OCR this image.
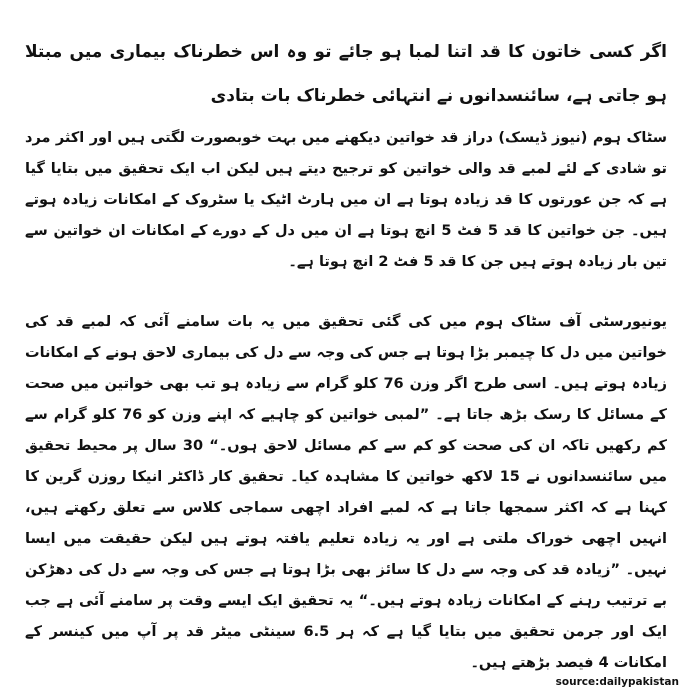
اگر کسی خاتون کا قد اتنا لمبا ہو جائے تو وہ اس خطرناک بیماری میں مبتلا ہو جاتی ہے، سائنسدانوں نے انتہائی خطرناک بات بتادی

سٹاک ہوم (نیوز ڈیسک) دراز قد خواتین دیکھنے میں بہت خوبصورت لگتی ہیں اور اکثر مرد تو شادی کے لئے لمبے قد والی خواتین کو ترجیح دیتے ہیں لیکن اب ایک تحقیق میں بتایا گیا ہے کہ جن عورتوں کا قد زیادہ ہوتا ہے ان میں ہارٹ اٹیک یا سٹروک کے امکانات زیادہ ہوتے ہیں۔ جن خواتین کا قد 5 فٹ 5 انچ ہوتا ہے ان میں دل کے دورے کے امکانات ان خواتین سے تین بار زیادہ ہوتے ہیں جن کا قد 5 فٹ 2 انچ ہوتا ہے۔

یونیورسٹی آف سٹاک ہوم میں کی گئی تحقیق میں یہ بات سامنے آئی کہ لمبے قد کی خواتین میں دل کا چیمبر بڑا ہوتا ہے جس کی وجہ سے دل کی بیماری لاحق ہونے کے امکانات زیادہ ہوتے ہیں۔ اسی طرح اگر وزن 76 کلو گرام سے زیادہ ہو تب بھی خواتین میں صحت کے مسائل کا رسک بڑھ جاتا ہے۔ ”لمبی خواتین کو چاہیے کہ اپنے وزن کو 76 کلو گرام سے کم رکھیں تاکہ ان کی صحت کو کم سے کم مسائل لاحق ہوں۔“ 30 سال پر محیط تحقیق میں سائنسدانوں نے 15 لاکھ خواتین کا مشاہدہ کیا۔ تحقیق کار ڈاکٹر انیکا روزن گرین کا کہنا ہے کہ اکثر سمجھا جاتا ہے کہ لمبے افراد اچھی سماجی کلاس سے تعلق رکھتے ہیں، انہیں اچھی خوراک ملتی ہے اور یہ زیادہ تعلیم یافتہ ہوتے ہیں لیکن حقیقت میں ایسا نہیں۔ ”زیادہ قد کی وجہ سے دل کا سائز بھی بڑا ہوتا ہے جس کی وجہ سے دل کی دھڑکن بے ترتیب رہنے کے امکانات زیادہ ہوتے ہیں۔“ یہ تحقیق ایک ایسے وقت پر سامنے آئی ہے جب ایک اور جرمن تحقیق میں بتایا گیا ہے کہ ہر 6.5 سینٹی میٹر قد پر آپ میں کینسر کے امکانات 4 فیصد بڑھتے ہیں۔

source:dailypakistan
